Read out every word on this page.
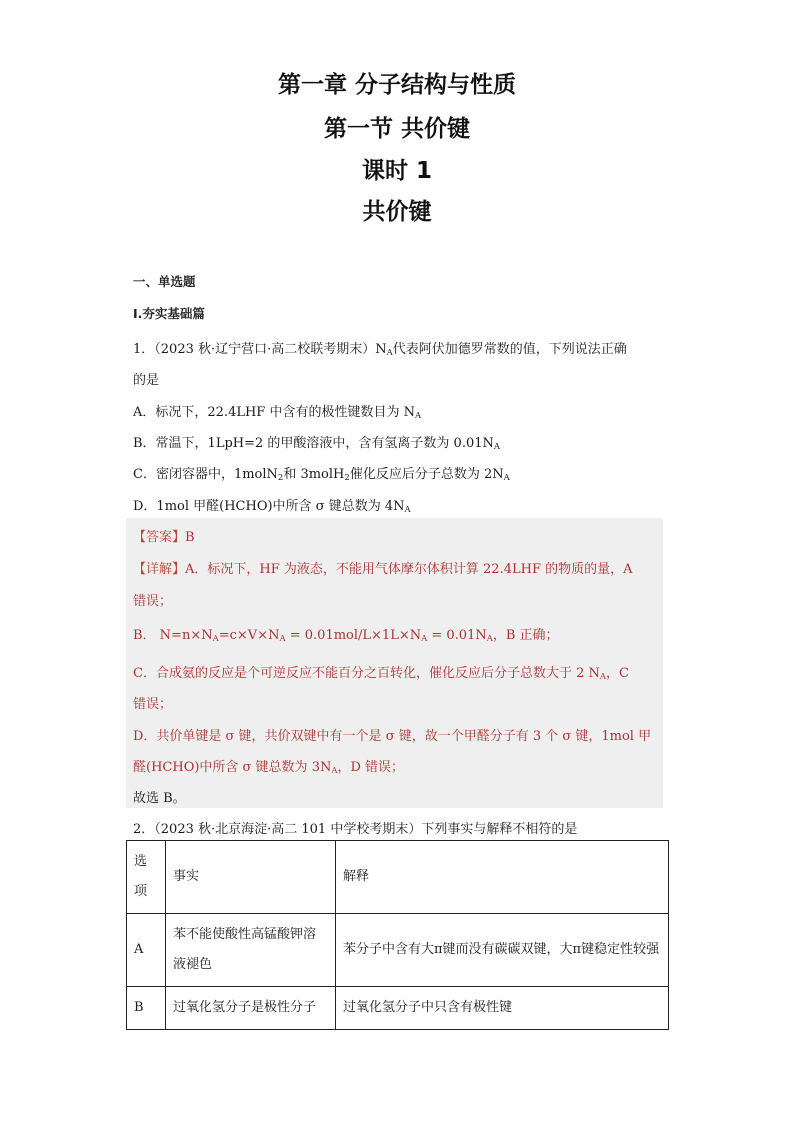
第一章 分子结构与性质
第一节 共价键
课时 1
共价键
一、单选题
Ⅰ.夯实基础篇
1．（2023 秋·辽宁营口·高二校联考期末）$N_A$代表阿伏加德罗常数的值，下列说法正确
的是
A．标况下，22.4LHF 中含有的极性键数目为 $N_A$
B．常温下，1LpH=2 的甲酸溶液中，含有氢离子数为 $0.01N_A$
C．密闭容器中，1molN$_2$和 3molH$_2$催化反应后分子总数为 $2N_A$
D．1mol 甲醛(HCHO)中所含 σ 键总数为 $4N_A$
【答案】B
【详解】A．标况下，HF 为液态，不能用气体摩尔体积计算 22.4LHF 的物质的量，A
错误；
B． $N=n\times N_A=c\times V\times N_A = 0.01mol/L\times 1L\times N_A = 0.01N_A$，B 正确；
C．合成氨的反应是个可逆反应不能百分之百转化，催化反应后分子总数大于 2 $N_A$，C
错误；
D．共价单键是 σ 键，共价双键中有一个是 σ 键，故一个甲醛分子有 3 个 σ 键，1mol 甲
醛(HCHO)中所含 σ 键总数为 $3N_A$，D 错误；
故选 B。
2．（2023 秋·北京海淀·高二 101 中学校考期末）下列事实与解释不相符的是
选项	事实	解释
A	苯不能使酸性高锰酸钾溶液褪色	苯分子中含有大π键而没有碳碳双键，大π键稳定性较强
B	过氧化氢分子是极性分子	过氧化氢分子中只含有极性键
